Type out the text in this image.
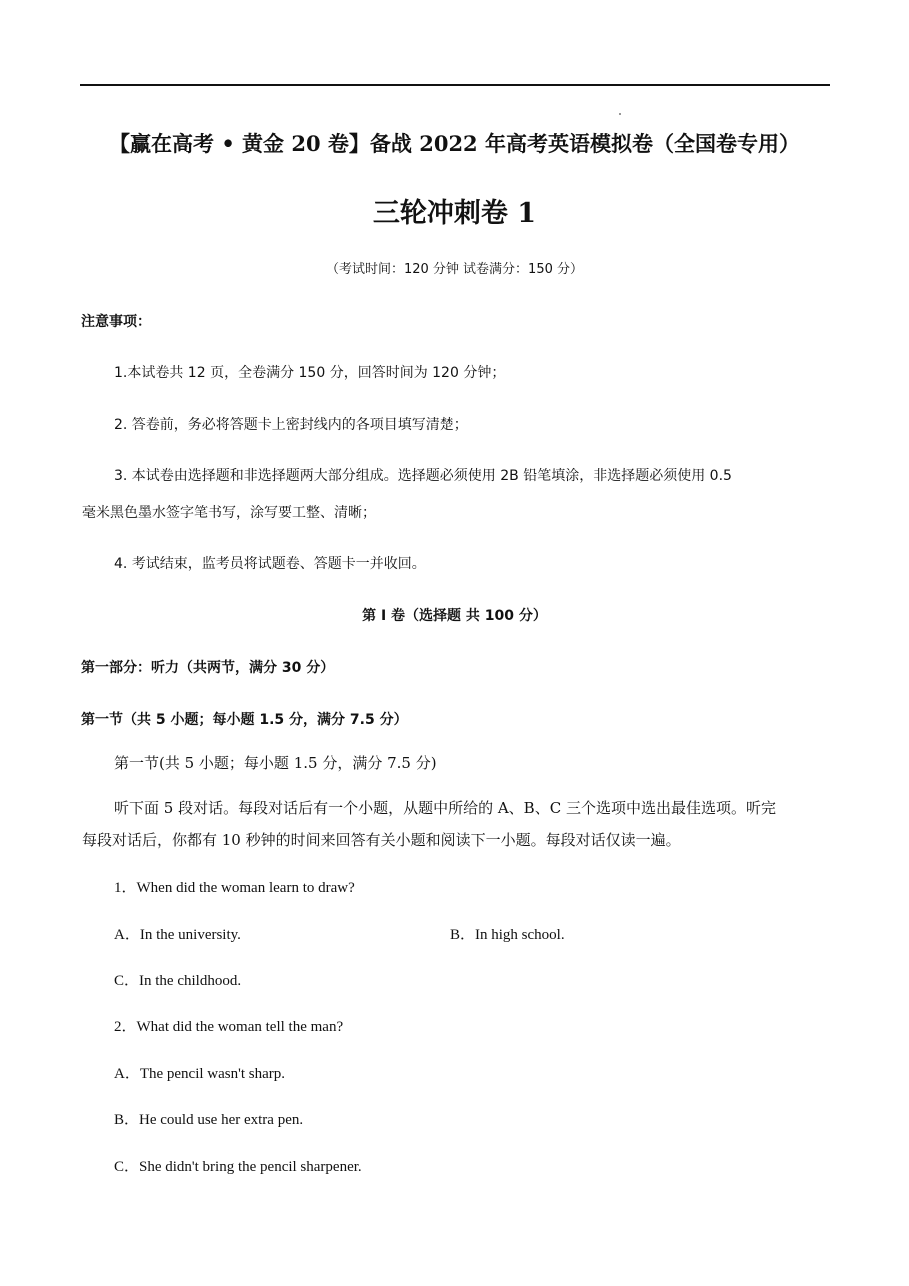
【赢在高考 • 黄金 20 卷】备战 2022 年高考英语模拟卷（全国卷专用）
三轮冲刺卷 1
（考试时间：120 分钟 试卷满分：150 分）
注意事项：
1.本试卷共 12 页，全卷满分 150 分，回答时间为 120 分钟；
2. 答卷前，务必将答题卡上密封线内的各项目填写清楚；
3. 本试卷由选择题和非选择题两大部分组成。选择题必须使用 2B 铅笔填涂，非选择题必须使用 0.5
毫米黑色墨水签字笔书写，涂写要工整、清晰；
4. 考试结束，监考员将试题卷、答题卡一并收回。
第 I 卷（选择题 共 100 分）
第一部分：听力（共两节，满分 30 分）
第一节（共 5 小题；每小题 1.5 分，满分 7.5 分）
第一节(共 5 小题；每小题 1.5 分，满分 7.5 分)
听下面 5 段对话。每段对话后有一个小题，从题中所给的 A、B、C 三个选项中选出最佳选项。听完
每段对话后，你都有 10 秒钟的时间来回答有关小题和阅读下一小题。每段对话仅读一遍。
1．When did the woman learn to draw?
A．In the university.	B．In high school.
C．In the childhood.
2．What did the woman tell the man?
A．The pencil wasn't sharp.
B．He could use her extra pen.
C．She didn't bring the pencil sharpener.
